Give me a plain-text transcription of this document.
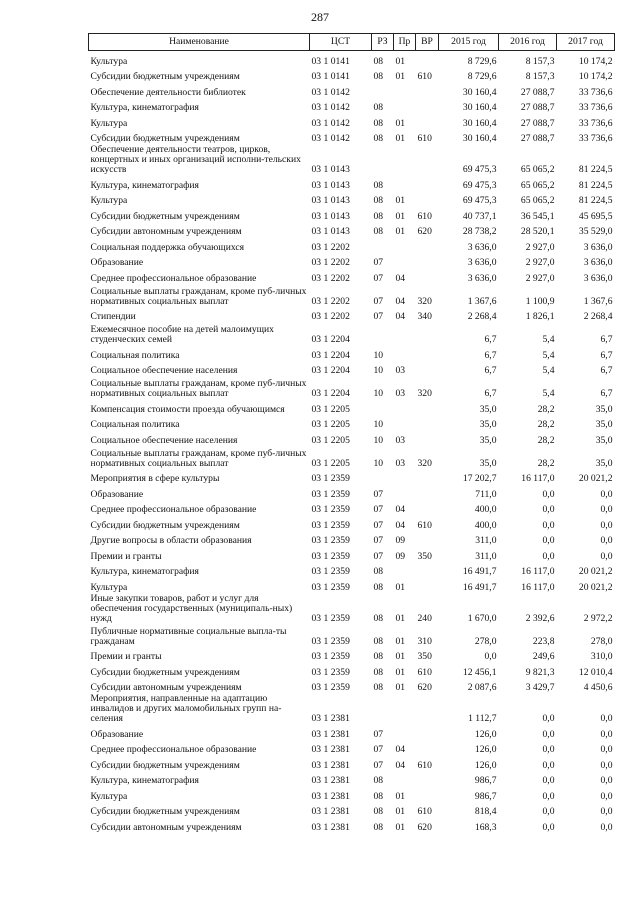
287
Наименование	ЦСТ	РЗ	Пр	ВР	2015 год	2016 год	2017 год
Культура	03 1 0141	08	01		8 729,6	8 157,3	10 174,2
Субсидии бюджетным учреждениям	03 1 0141	08	01	610	8 729,6	8 157,3	10 174,2
Обеспечение деятельности библиотек	03 1 0142				30 160,4	27 088,7	33 736,6
Культура, кинематография	03 1 0142	08			30 160,4	27 088,7	33 736,6
Культура	03 1 0142	08	01		30 160,4	27 088,7	33 736,6
Субсидии бюджетным учреждениям	03 1 0142	08	01	610	30 160,4	27 088,7	33 736,6
Обеспечение деятельности театров, цирков, концертных и иных организаций исполни-тельских искусств	03 1 0143				69 475,3	65 065,2	81 224,5
Культура, кинематография	03 1 0143	08			69 475,3	65 065,2	81 224,5
Культура	03 1 0143	08	01		69 475,3	65 065,2	81 224,5
Субсидии бюджетным учреждениям	03 1 0143	08	01	610	40 737,1	36 545,1	45 695,5
Субсидии автономным учреждениям	03 1 0143	08	01	620	28 738,2	28 520,1	35 529,0
Социальная поддержка обучающихся	03 1 2202				3 636,0	2 927,0	3 636,0
Образование	03 1 2202	07			3 636,0	2 927,0	3 636,0
Среднее профессиональное образование	03 1 2202	07	04		3 636,0	2 927,0	3 636,0
Социальные выплаты гражданам, кроме пуб-личных нормативных социальных выплат	03 1 2202	07	04	320	1 367,6	1 100,9	1 367,6
Стипендии	03 1 2202	07	04	340	2 268,4	1 826,1	2 268,4
Ежемесячное пособие на детей малоимущих студенческих семей	03 1 2204				6,7	5,4	6,7
Социальная политика	03 1 2204	10			6,7	5,4	6,7
Социальное обеспечение населения	03 1 2204	10	03		6,7	5,4	6,7
Социальные выплаты гражданам, кроме пуб-личных нормативных социальных выплат	03 1 2204	10	03	320	6,7	5,4	6,7
Компенсация стоимости проезда обучающимся	03 1 2205				35,0	28,2	35,0
Социальная политика	03 1 2205	10			35,0	28,2	35,0
Социальное обеспечение населения	03 1 2205	10	03		35,0	28,2	35,0
Социальные выплаты гражданам, кроме пуб-личных нормативных социальных выплат	03 1 2205	10	03	320	35,0	28,2	35,0
Мероприятия в сфере культуры	03 1 2359				17 202,7	16 117,0	20 021,2
Образование	03 1 2359	07			711,0	0,0	0,0
Среднее профессиональное образование	03 1 2359	07	04		400,0	0,0	0,0
Субсидии бюджетным учреждениям	03 1 2359	07	04	610	400,0	0,0	0,0
Другие вопросы в области образования	03 1 2359	07	09		311,0	0,0	0,0
Премии и гранты	03 1 2359	07	09	350	311,0	0,0	0,0
Культура, кинематография	03 1 2359	08			16 491,7	16 117,0	20 021,2
Культура	03 1 2359	08	01		16 491,7	16 117,0	20 021,2
Иные закупки товаров, работ и услуг для обеспечения государственных (муниципаль-ных) нужд	03 1 2359	08	01	240	1 670,0	2 392,6	2 972,2
Публичные нормативные социальные выпла-ты гражданам	03 1 2359	08	01	310	278,0	223,8	278,0
Премии и гранты	03 1 2359	08	01	350	0,0	249,6	310,0
Субсидии бюджетным учреждениям	03 1 2359	08	01	610	12 456,1	9 821,3	12 010,4
Субсидии автономным учреждениям	03 1 2359	08	01	620	2 087,6	3 429,7	4 450,6
Мероприятия, направленные на адаптацию инвалидов и других маломобильных групп на-селения	03 1 2381				1 112,7	0,0	0,0
Образование	03 1 2381	07			126,0	0,0	0,0
Среднее профессиональное образование	03 1 2381	07	04		126,0	0,0	0,0
Субсидии бюджетным учреждениям	03 1 2381	07	04	610	126,0	0,0	0,0
Культура, кинематография	03 1 2381	08			986,7	0,0	0,0
Культура	03 1 2381	08	01		986,7	0,0	0,0
Субсидии бюджетным учреждениям	03 1 2381	08	01	610	818,4	0,0	0,0
Субсидии автономным учреждениям	03 1 2381	08	01	620	168,3	0,0	0,0
